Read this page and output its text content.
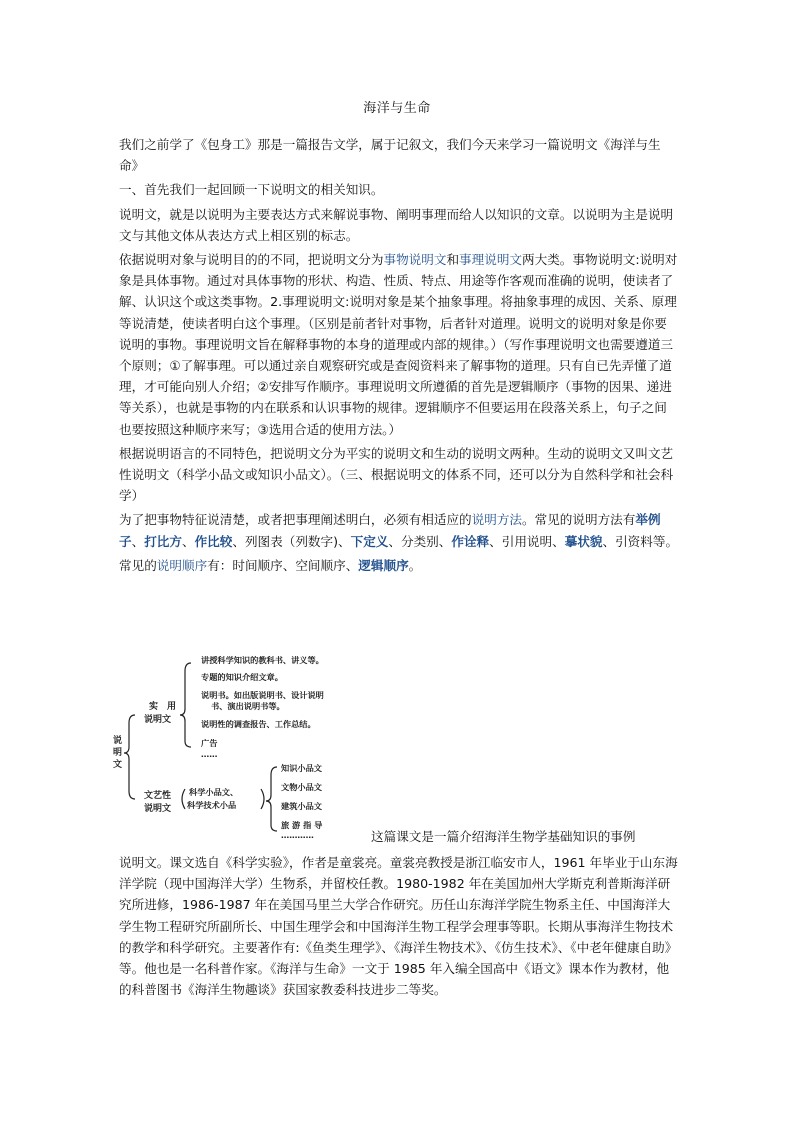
海洋与生命

我们之前学了《包身工》那是一篇报告文学，属于记叙文，我们今天来学习一篇说明文《海洋与生命》

一、首先我们一起回顾一下说明文的相关知识。

说明文，就是以说明为主要表达方式来解说事物、阐明事理而给人以知识的文章。以说明为主是说明文与其他文体从表达方式上相区别的标志。

依据说明对象与说明目的的不同，把说明文分为事物说明文和事理说明文两大类。事物说明文:说明对象是具体事物。通过对具体事物的形状、构造、性质、特点、用途等作客观而准确的说明，使读者了解、认识这个或这类事物。2.事理说明文:说明对象是某个抽象事理。将抽象事理的成因、关系、原理等说清楚，使读者明白这个事理。（区别是前者针对事物，后者针对道理。说明文的说明对象是你要说明的事物。事理说明文旨在解释事物的本身的道理或内部的规律。）（写作事理说明文也需要遵道三个原则；①了解事理。可以通过亲自观察研究或是查阅资料来了解事物的道理。只有自已先弄懂了道理，才可能向别人介绍；②安排写作顺序。事理说明文所遵循的首先是逻辑顺序（事物的因果、递进等关系），也就是事物的内在联系和认识事物的规律。逻辑顺序不但要运用在段落关系上，句子之间也要按照这种顺序来写；③选用合适的使用方法。）

根据说明语言的不同特色，把说明文分为平实的说明文和生动的说明文两种。生动的说明文又叫文艺性说明文（科学小品文或知识小品文）。（三、根据说明文的体系不同，还可以分为自然科学和社会科学）

为了把事物特征说清楚，或者把事理阐述明白，必须有相适应的说明方法。常见的说明方法有举例子、打比方、作比较、列图表（列数字)、下定义、分类别、作诠释、引用说明、摹状貌、引资料等。

常见的说明顺序有：时间顺序、空间顺序、逻辑顺序。

说
明
文
实　用
说明文
讲授科学知识的教科书、讲义等。
专题的知识介绍文章。
说明书。如出版说明书、设计说明
书、演出说明书等。
说明性的调查报告、工作总结。
广告
……
文艺性
说明文
科学小品文、
科学技术小品
知识小品文
文物小品文
建筑小品文
旅 游 指 导
…………	这篇课文是一篇介绍海洋生物学基础知识的事例

说明文。课文选自《科学实验》，作者是童裳亮。童裳亮教授是浙江临安市人，1961 年毕业于山东海洋学院（现中国海洋大学）生物系，并留校任教。1980-1982 年在美国加州大学斯克利普斯海洋研究所进修，1986-1987 年在美国马里兰大学合作研究。历任山东海洋学院生物系主任、中国海洋大学生物工程研究所副所长、中国生理学会和中国海洋生物工程学会理事等职。长期从事海洋生物技术的教学和科学研究。主要著作有:《鱼类生理学》、《海洋生物技术》、《仿生技术》、《中老年健康自助》等。他也是一名科普作家。《海洋与生命》一文于 1985 年入编全国高中《语文》课本作为教材，他的科普图书《海洋生物趣谈》获国家教委科技进步二等奖。
